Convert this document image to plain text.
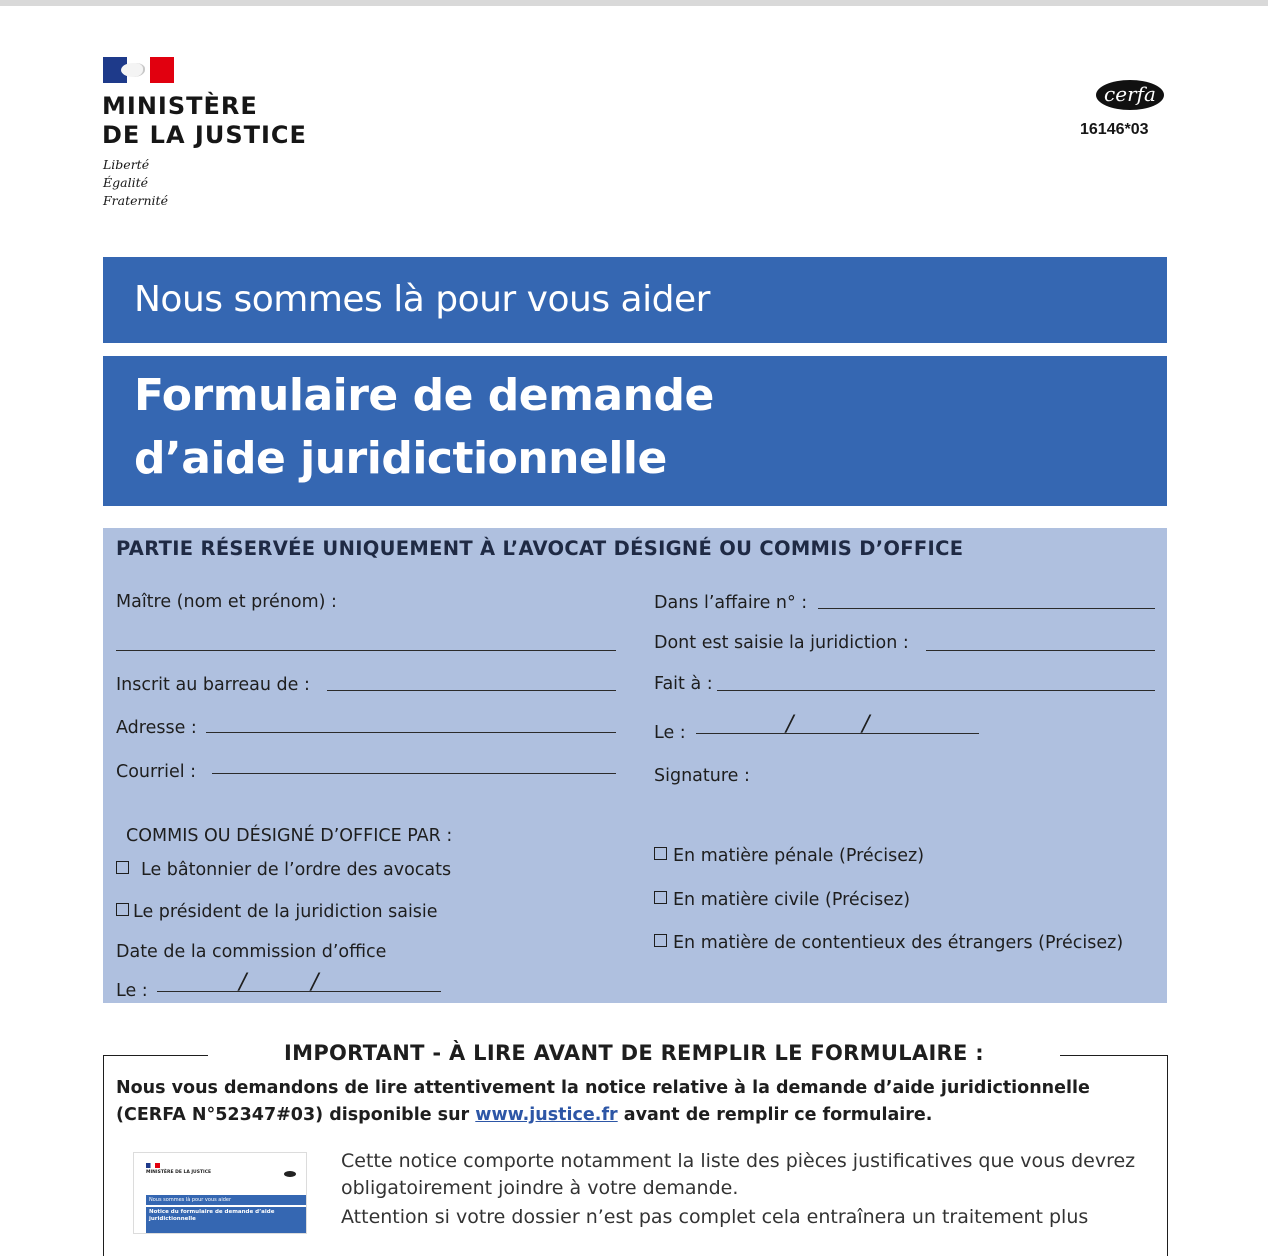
MINISTÈRE
DE LA JUSTICE
Liberté
Égalité
Fraternité
cerfa
16146*03
Nous sommes là pour vous aider
Formulaire de demande
d’aide juridictionnelle
PARTIE RÉSERVÉE UNIQUEMENT À L’AVOCAT DÉSIGNÉ OU COMMIS D’OFFICE
Maître (nom et prénom) :
Inscrit au barreau de :
Adresse :
Courriel :
Dans l’affaire n° :
Dont est saisie la juridiction :
Fait à :
Le :	/	/
Signature :
COMMIS OU DÉSIGNÉ D’OFFICE PAR :
Le bâtonnier de l’ordre des avocats
Le président de la juridiction saisie
Date de la commission d’office
Le :	/	/
En matière pénale (Précisez)
En matière civile (Précisez)
En matière de contentieux des étrangers (Précisez)
IMPORTANT - À LIRE AVANT DE REMPLIR LE FORMULAIRE :
Nous vous demandons de lire attentivement la notice relative à la demande d’aide juridictionnelle (CERFA N°52347#03) disponible sur www.justice.fr avant de remplir ce formulaire.
MINISTÈRE DE LA JUSTICE
Nous sommes là pour vous aider
Notice du formulaire de demande d’aide juridictionnelle
Cette notice comporte notamment la liste des pièces justificatives que vous devrez obligatoirement joindre à votre demande.
Attention si votre dossier n’est pas complet cela entraînera un traitement plus
